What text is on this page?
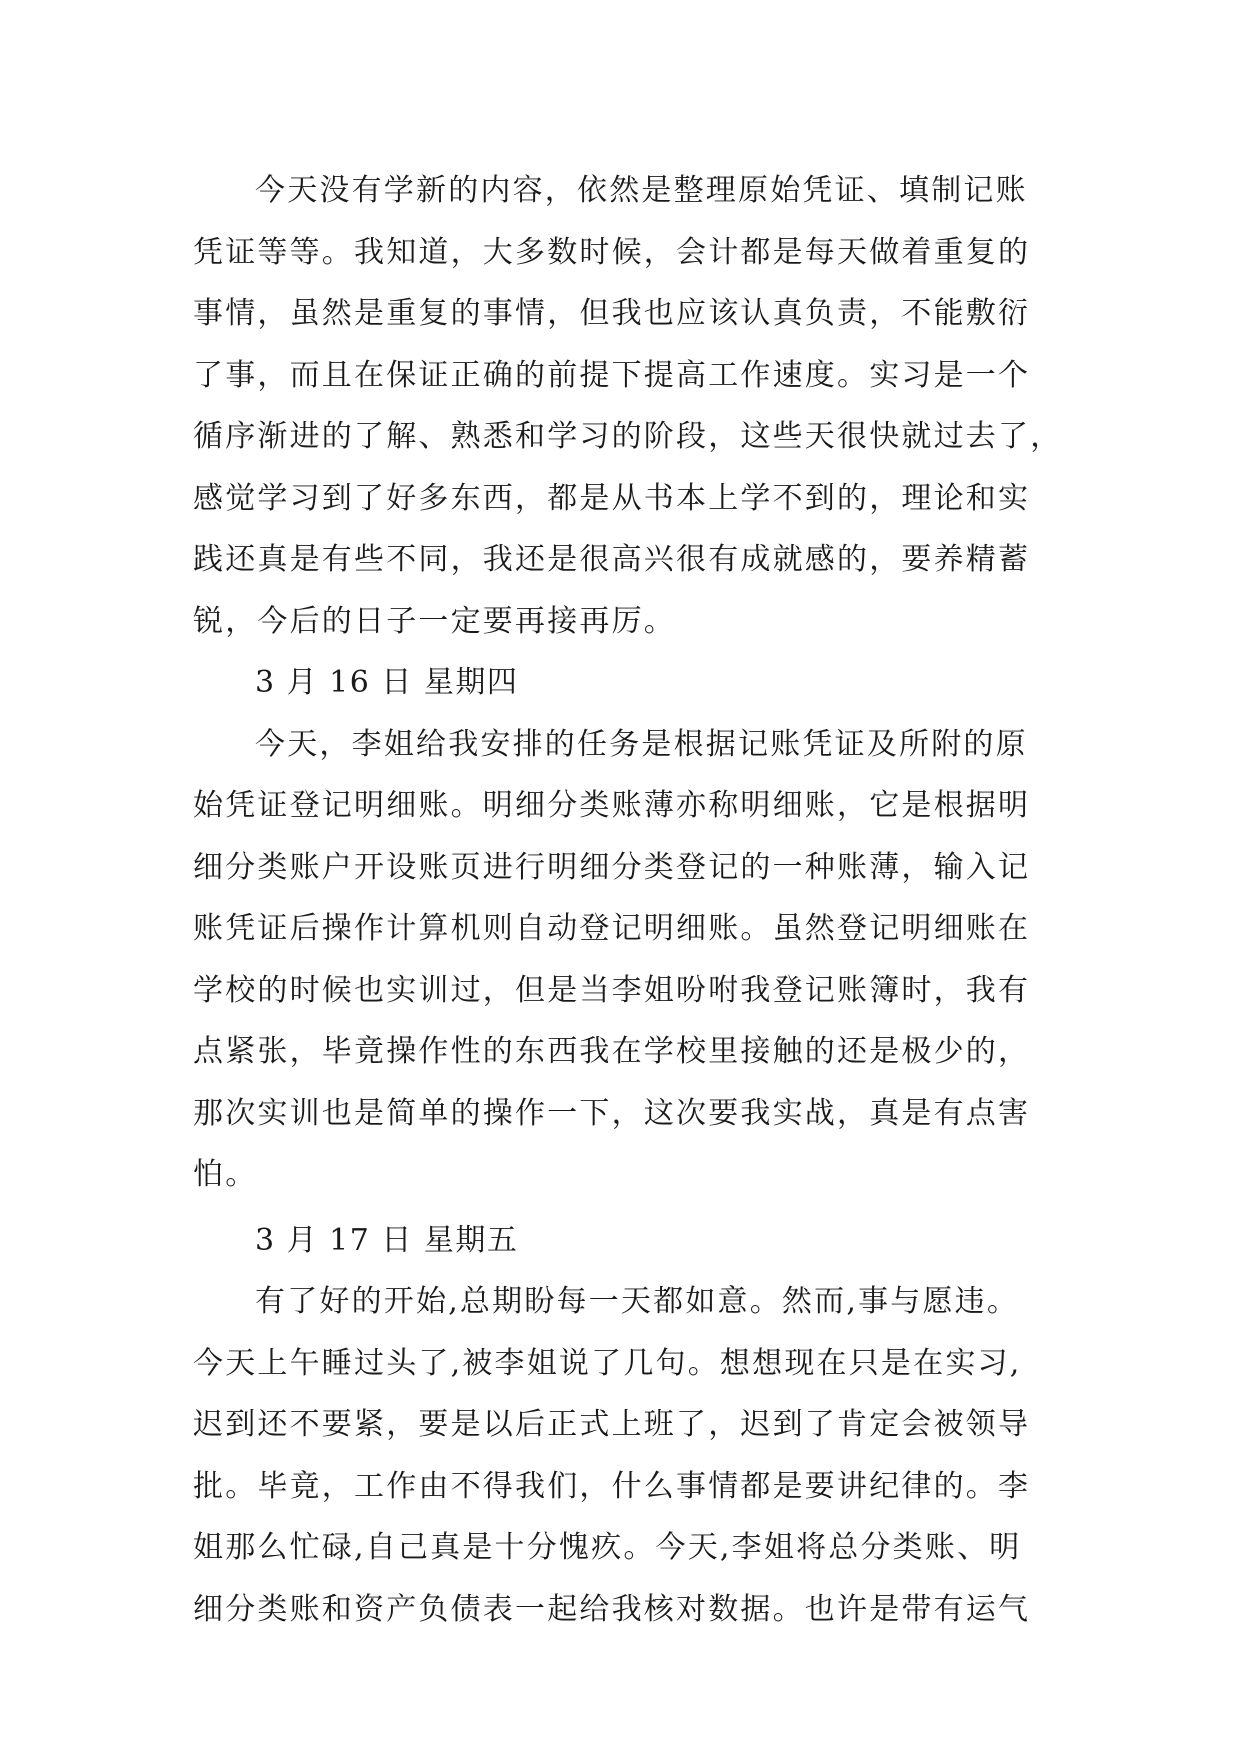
今天没有学新的内容，依然是整理原始凭证、填制记账
凭证等等。我知道，大多数时候，会计都是每天做着重复的
事情，虽然是重复的事情，但我也应该认真负责，不能敷衍
了事，而且在保证正确的前提下提高工作速度。实习是一个
循序渐进的了解、熟悉和学习的阶段，这些天很快就过去了，
感觉学习到了好多东西，都是从书本上学不到的，理论和实
践还真是有些不同，我还是很高兴很有成就感的，要养精蓄
锐，今后的日子一定要再接再厉。
3 月 16 日 星期四
今天，李姐给我安排的任务是根据记账凭证及所附的原
始凭证登记明细账。明细分类账薄亦称明细账，它是根据明
细分类账户开设账页进行明细分类登记的一种账薄，输入记
账凭证后操作计算机则自动登记明细账。虽然登记明细账在
学校的时候也实训过，但是当李姐吩咐我登记账簿时，我有
点紧张，毕竟操作性的东西我在学校里接触的还是极少的，
那次实训也是简单的操作一下，这次要我实战，真是有点害
怕。
3 月 17 日 星期五
有了好的开始,总期盼每一天都如意。然而,事与愿违。
今天上午睡过头了,被李姐说了几句。想想现在只是在实习,
迟到还不要紧，要是以后正式上班了，迟到了肯定会被领导
批。毕竟，工作由不得我们，什么事情都是要讲纪律的。李
姐那么忙碌,自己真是十分愧疚。今天,李姐将总分类账、明
细分类账和资产负债表一起给我核对数据。也许是带有运气
